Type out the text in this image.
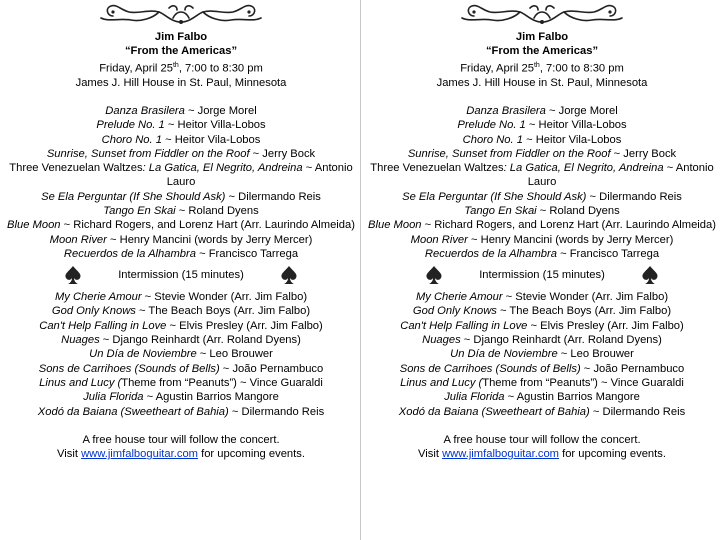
Jim Falbo
“From the Americas”
Friday, April 25th, 7:00 to 8:30 pm
James J. Hill House in St. Paul, Minnesota
Danza Brasilera ~ Jorge Morel
Prelude No. 1 ~ Heitor Villa-Lobos
Choro No. 1 ~ Heitor Vila-Lobos
Sunrise, Sunset from Fiddler on the Roof ~ Jerry Bock
Three Venezuelan Waltzes: La Gatica, El Negrito, Andreina ~ Antonio Lauro
Se Ela Perguntar (If She Should Ask) ~ Dilermando Reis
Tango En Skai ~ Roland Dyens
Blue Moon ~ Richard Rogers, and Lorenz Hart (Arr. Laurindo Almeida)
Moon River ~ Henry Mancini (words by Jerry Mercer)
Recuerdos de la Alhambra ~ Francisco Tarrega
Intermission (15 minutes)
My Cherie Amour ~ Stevie Wonder (Arr. Jim Falbo)
God Only Knows ~ The Beach Boys (Arr. Jim Falbo)
Can't Help Falling in Love ~ Elvis Presley (Arr. Jim Falbo)
Nuages ~ Django Reinhardt (Arr. Roland Dyens)
Un Día de Noviembre ~ Leo Brouwer
Sons de Carrihoes (Sounds of Bells) ~ João Pernambuco
Linus and Lucy (Theme from “Peanuts”) ~ Vince Guaraldi
Julia Florida ~ Agustin Barrios Mangore
Xodó da Baiana (Sweetheart of Bahia) ~ Dilermando Reis
A free house tour will follow the concert.
Visit www.jimfalboguitar.com for upcoming events.
Jim Falbo
“From the Americas”
Friday, April 25th, 7:00 to 8:30 pm
James J. Hill House in St. Paul, Minnesota
Danza Brasilera ~ Jorge Morel
Prelude No. 1 ~ Heitor Villa-Lobos
Choro No. 1 ~ Heitor Vila-Lobos
Sunrise, Sunset from Fiddler on the Roof ~ Jerry Bock
Three Venezuelan Waltzes: La Gatica, El Negrito, Andreina ~ Antonio Lauro
Se Ela Perguntar (If She Should Ask) ~ Dilermando Reis
Tango En Skai ~ Roland Dyens
Blue Moon ~ Richard Rogers, and Lorenz Hart (Arr. Laurindo Almeida)
Moon River ~ Henry Mancini (words by Jerry Mercer)
Recuerdos de la Alhambra ~ Francisco Tarrega
Intermission (15 minutes)
My Cherie Amour ~ Stevie Wonder (Arr. Jim Falbo)
God Only Knows ~ The Beach Boys (Arr. Jim Falbo)
Can't Help Falling in Love ~ Elvis Presley (Arr. Jim Falbo)
Nuages ~ Django Reinhardt (Arr. Roland Dyens)
Un Día de Noviembre ~ Leo Brouwer
Sons de Carrihoes (Sounds of Bells) ~ João Pernambuco
Linus and Lucy (Theme from “Peanuts”) ~ Vince Guaraldi
Julia Florida ~ Agustin Barrios Mangore
Xodó da Baiana (Sweetheart of Bahia) ~ Dilermando Reis
A free house tour will follow the concert.
Visit www.jimfalboguitar.com for upcoming events.
